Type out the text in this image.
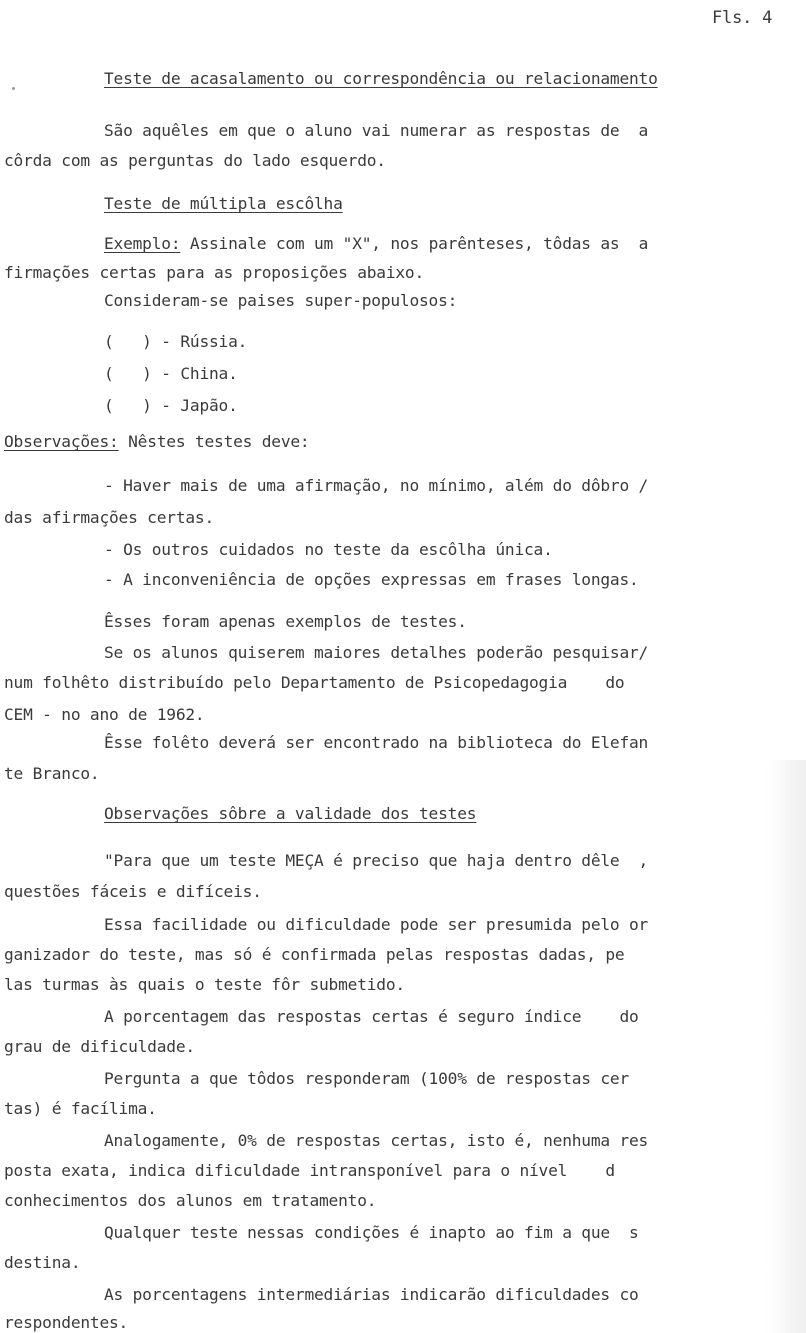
Fls. 4
Teste de acasalamento ou correspondência ou relacionamento
São aquêles em que o aluno vai numerar as respostas de  a
côrda com as perguntas do lado esquerdo.
Teste de múltipla escôlha
Exemplo: Assinale com um "X", nos parênteses, tôdas as  a
firmações certas para as proposições abaixo.
Consideram-se paises super-populosos:
(   ) - Rússia.
(   ) - China.
(   ) - Japão.
Observações: Nêstes testes deve:
- Haver mais de uma afirmação, no mínimo, além do dôbro /
das afirmações certas.
- Os outros cuidados no teste da escôlha única.
- A inconveniência de opções expressas em frases longas.
Êsses foram apenas exemplos de testes.
Se os alunos quiserem maiores detalhes poderão pesquisar/
num folhêto distribuído pelo Departamento de Psicopedagogia    do
CEM - no ano de 1962.
Êsse folêto deverá ser encontrado na biblioteca do Elefan
te Branco.
Observações sôbre a validade dos testes
"Para que um teste MEÇA é preciso que haja dentro dêle  ,
questões fáceis e difíceis.
Essa facilidade ou dificuldade pode ser presumida pelo or
ganizador do teste, mas só é confirmada pelas respostas dadas, pe
las turmas às quais o teste fôr submetido.
A porcentagem das respostas certas é seguro índice    do
grau de dificuldade.
Pergunta a que tôdos responderam (100% de respostas cer
tas) é facílima.
Analogamente, 0% de respostas certas, isto é, nenhuma res
posta exata, indica dificuldade intransponível para o nível    d
conhecimentos dos alunos em tratamento.
Qualquer teste nessas condições é inapto ao fim a que  s
destina.
As porcentagens intermediárias indicarão dificuldades co
respondentes.
